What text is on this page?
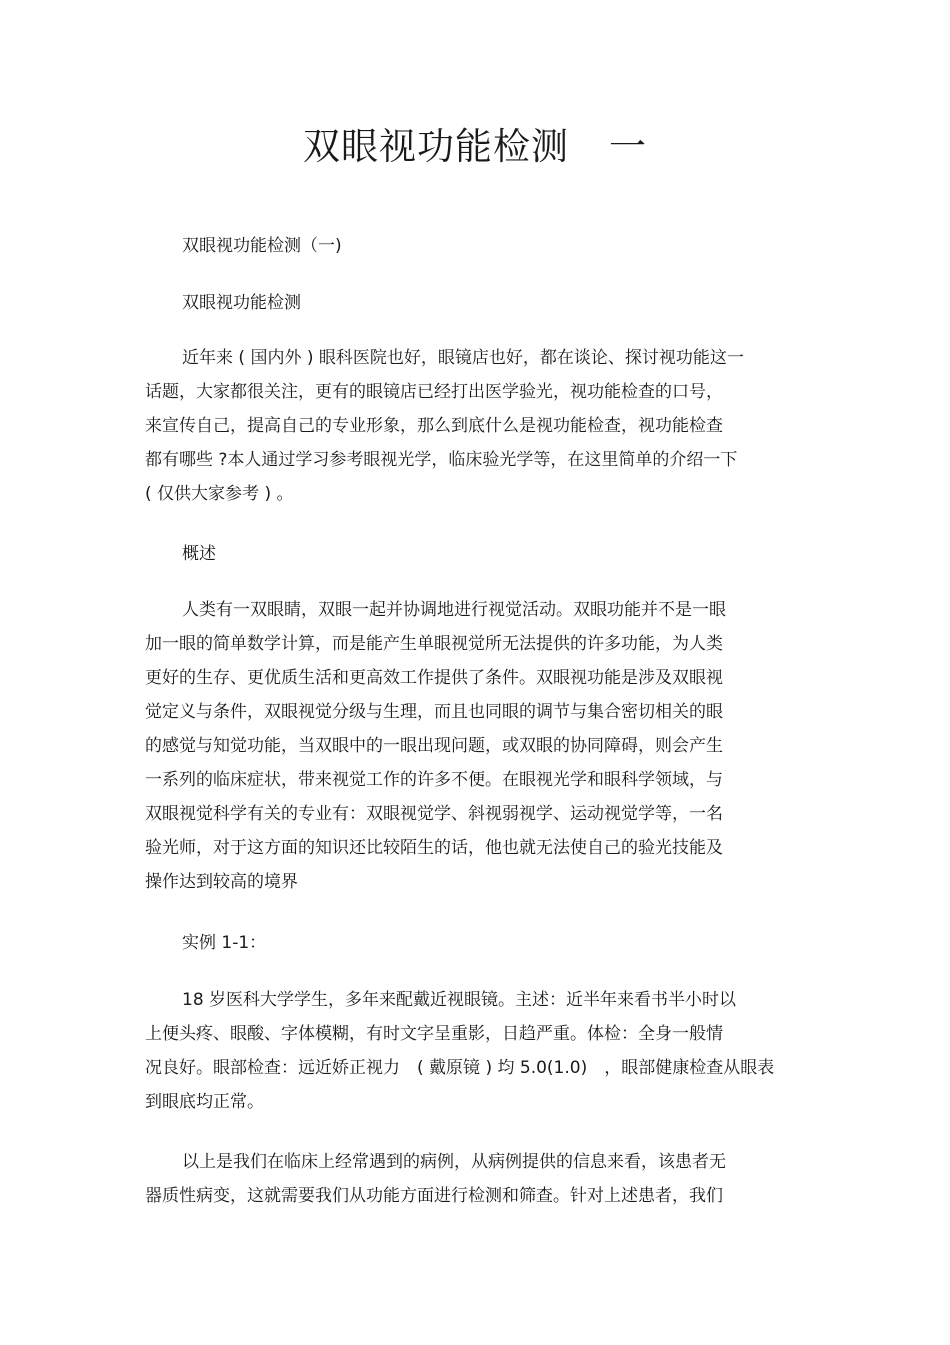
双眼视功能检测 一

双眼视功能检测（一)

双眼视功能检测

近年来 ( 国内外 ) 眼科医院也好，眼镜店也好，都在谈论、探讨视功能这一
话题，大家都很关注，更有的眼镜店已经打出医学验光，视功能检查的口号，
来宣传自己，提高自己的专业形象，那么到底什么是视功能检查，视功能检查
都有哪些 ?本人通过学习参考眼视光学，临床验光学等，在这里简单的介绍一下
( 仅供大家参考 ) 。

概述

人类有一双眼睛，双眼一起并协调地进行视觉活动。双眼功能并不是一眼
加一眼的简单数学计算，而是能产生单眼视觉所无法提供的许多功能，为人类
更好的生存、更优质生活和更高效工作提供了条件。双眼视功能是涉及双眼视
觉定义与条件，双眼视觉分级与生理，而且也同眼的调节与集合密切相关的眼
的感觉与知觉功能，当双眼中的一眼出现问题，或双眼的协同障碍，则会产生
一系列的临床症状，带来视觉工作的许多不便。在眼视光学和眼科学领域，与
双眼视觉科学有关的专业有：双眼视觉学、斜视弱视学、运动视觉学等，一名
验光师，对于这方面的知识还比较陌生的话，他也就无法使自己的验光技能及
操作达到较高的境界

实例 1-1：

18 岁医科大学学生，多年来配戴近视眼镜。主述：近半年来看书半小时以
上便头疼、眼酸、字体模糊，有时文字呈重影，日趋严重。体检：全身一般情
况良好。眼部检查：远近娇正视力　( 戴原镜 ) 均 5.0(1.0)　，眼部健康检查从眼表
到眼底均正常。
以上是我们在临床上经常遇到的病例，从病例提供的信息来看，该患者无
器质性病变，这就需要我们从功能方面进行检测和筛查。针对上述患者，我们
